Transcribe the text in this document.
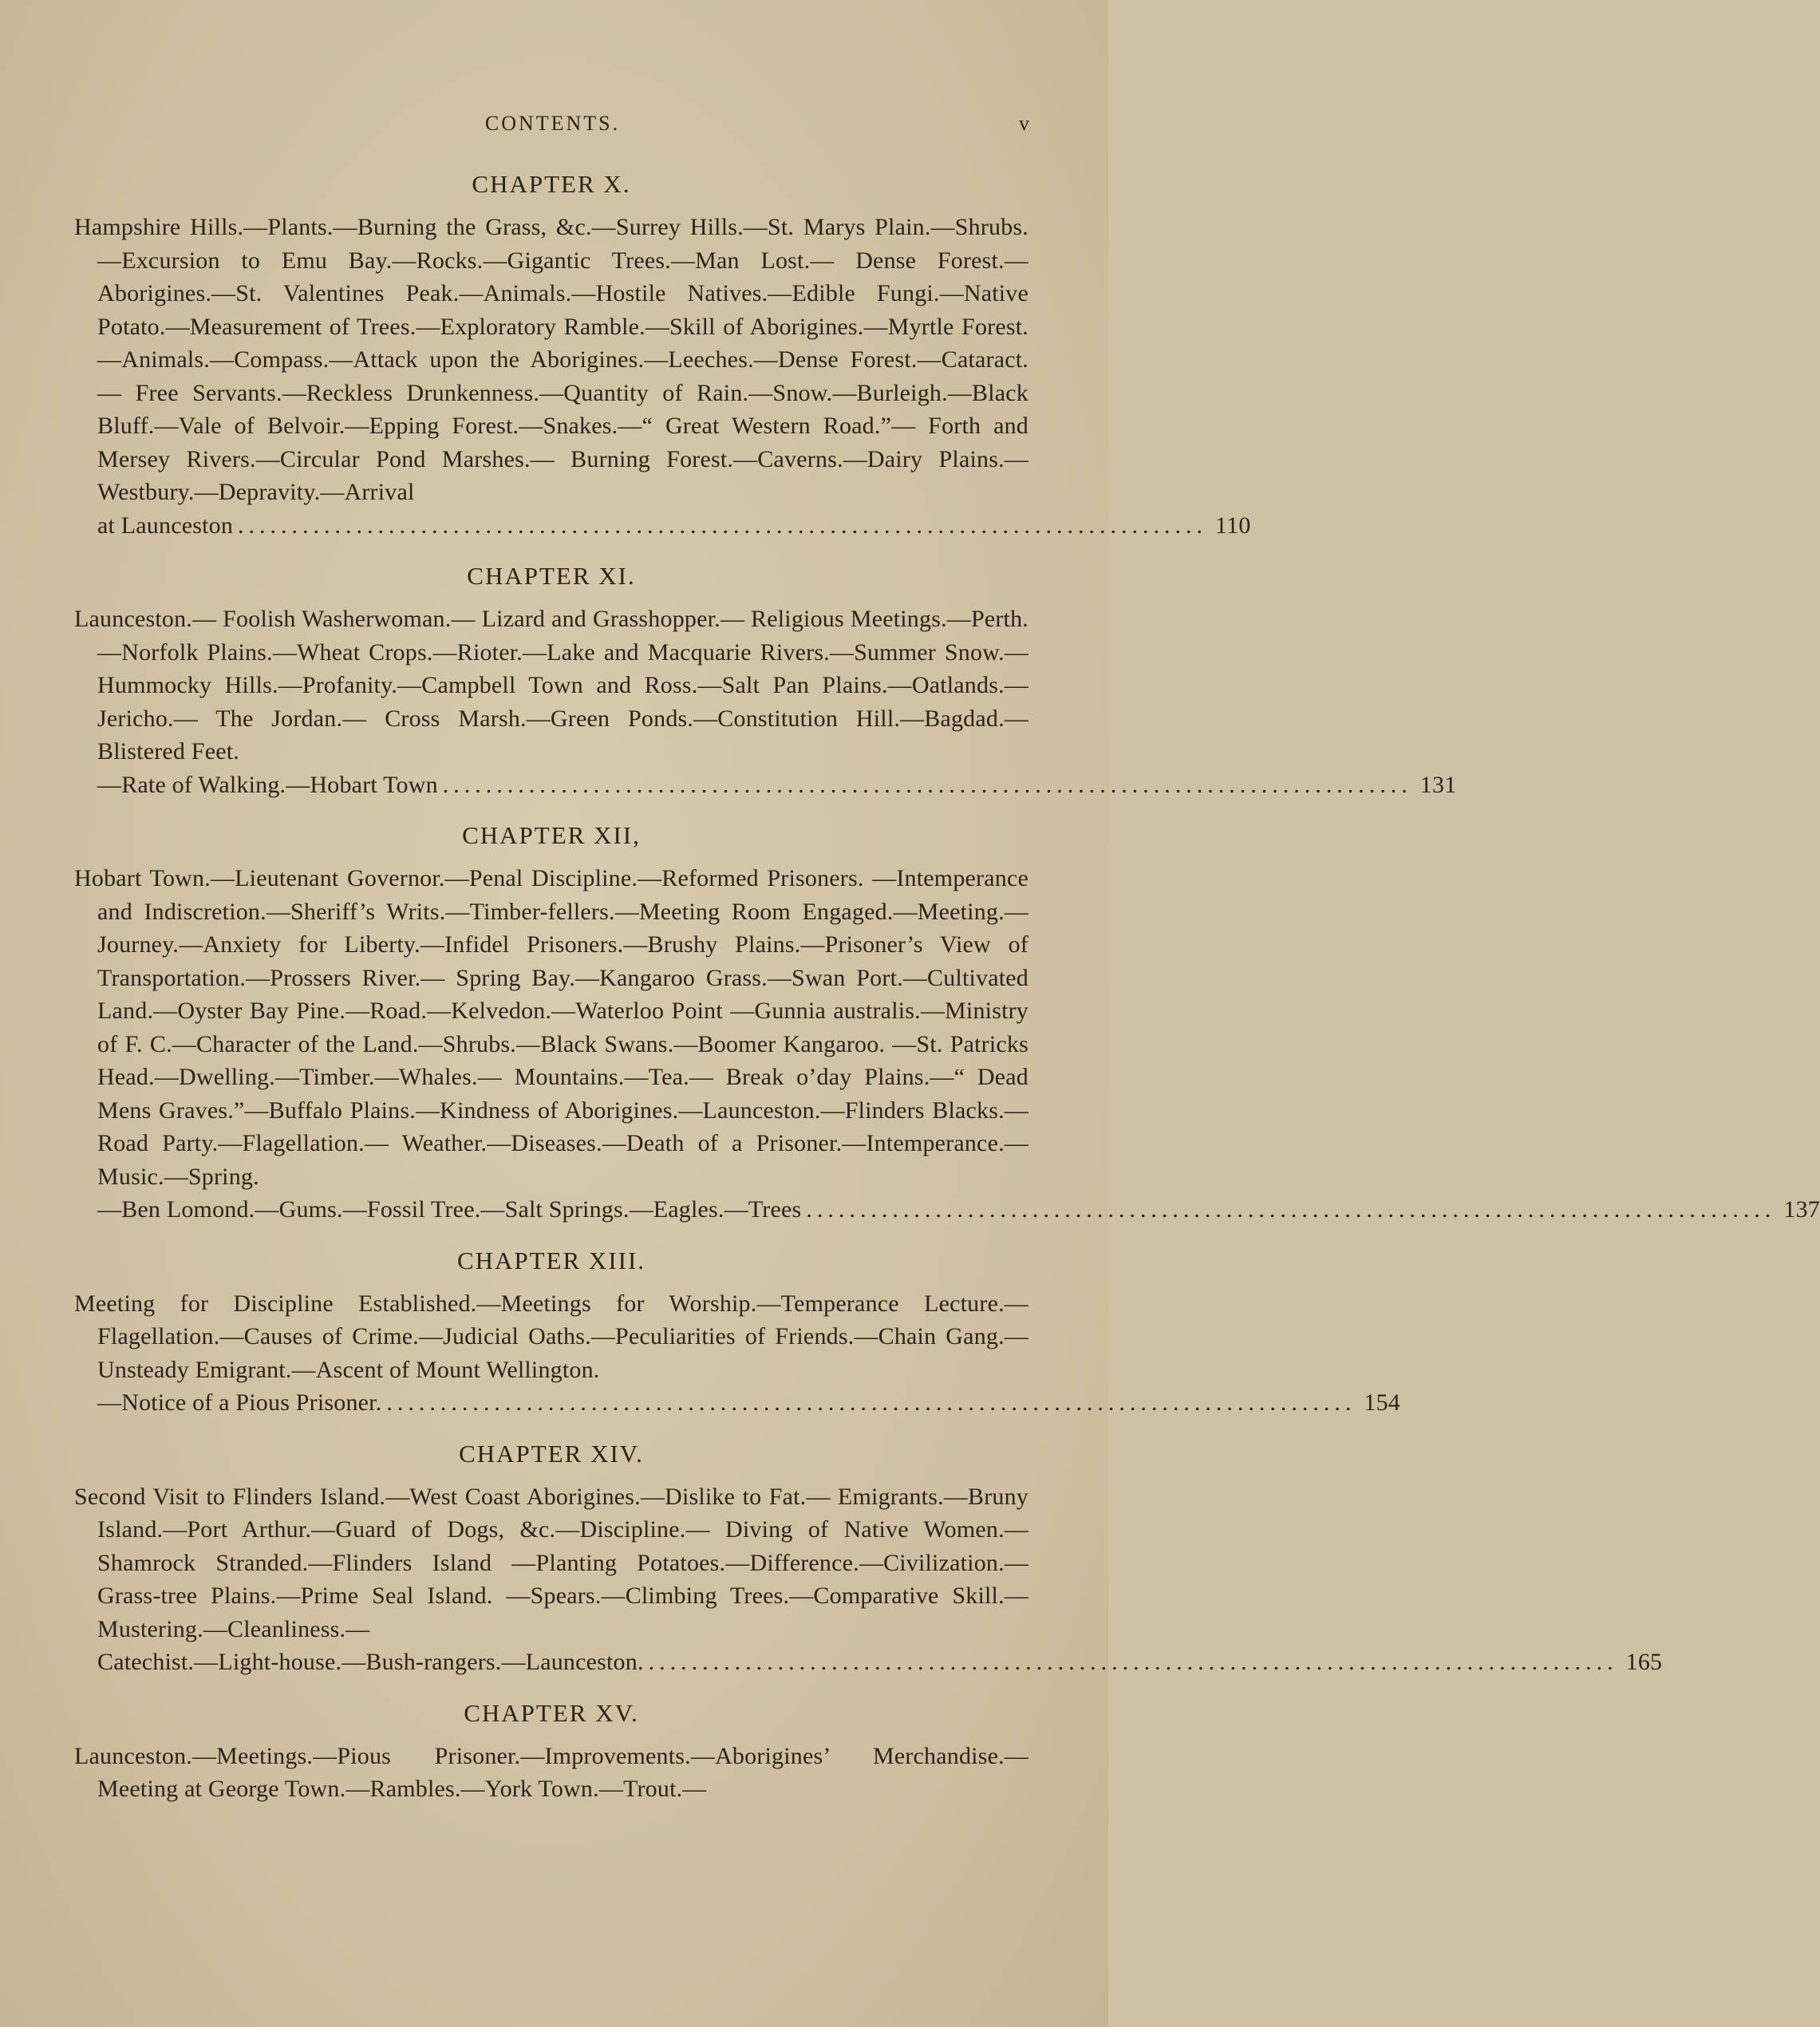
CONTENTS.	v
CHAPTER X.
Hampshire Hills.—Plants.—Burning the Grass, &c.—Surrey Hills.—St. Marys Plain.—Shrubs.—Excursion to Emu Bay.—Rocks.—Gigantic Trees.—Man Lost.— Dense Forest.—Aborigines.—St. Valentines Peak.—Animals.—Hostile Natives.—Edible Fungi.—Native Potato.—Measurement of Trees.—Exploratory Ramble.—Skill of Aborigines.—Myrtle Forest.—Animals.—Compass.—Attack upon the Aborigines.—Leeches.—Dense Forest.—Cataract.— Free Servants.—Reckless Drunkenness.—Quantity of Rain.—Snow.—Burleigh.—Black Bluff.—Vale of Belvoir.—Epping Forest.—Snakes.—“ Great Western Road.”— Forth and Mersey Rivers.—Circular Pond Marshes.— Burning Forest.—Caverns.—Dairy Plains.—Westbury.—Depravity.—Arrival
at Launceston .......................................................................................... 110
CHAPTER XI.
Launceston.— Foolish Washerwoman.— Lizard and Grasshopper.— Religious Meetings.—Perth.—Norfolk Plains.—Wheat Crops.—Rioter.—Lake and Macquarie Rivers.—Summer Snow.—Hummocky Hills.—Profanity.—Campbell Town and Ross.—Salt Pan Plains.—Oatlands.—Jericho.— The Jordan.— Cross Marsh.—Green Ponds.—Constitution Hill.—Bagdad.—Blistered Feet.
—Rate of Walking.—Hobart Town .......................................................................................... 131
CHAPTER XII,
Hobart Town.—Lieutenant Governor.—Penal Discipline.—Reformed Prisoners. —Intemperance and Indiscretion.—Sheriff’s Writs.—Timber-fellers.—Meeting Room Engaged.—Meeting.—Journey.—Anxiety for Liberty.—Infidel Prisoners.—Brushy Plains.—Prisoner’s View of Transportation.—Prossers River.— Spring Bay.—Kangaroo Grass.—Swan Port.—Cultivated Land.—Oyster Bay Pine.—Road.—Kelvedon.—Waterloo Point —Gunnia australis.—Ministry of F. C.—Character of the Land.—Shrubs.—Black Swans.—Boomer Kangaroo. —St. Patricks Head.—Dwelling.—Timber.—Whales.— Mountains.—Tea.— Break o’day Plains.—“ Dead Mens Graves.”—Buffalo Plains.—Kindness of Aborigines.—Launceston.—Flinders Blacks.—Road Party.—Flagellation.— Weather.—Diseases.—Death of a Prisoner.—Intemperance.—Music.—Spring.
—Ben Lomond.—Gums.—Fossil Tree.—Salt Springs.—Eagles.—Trees .......................................................................................... 137
CHAPTER XIII.
Meeting for Discipline Established.—Meetings for Worship.—Temperance Lecture.—Flagellation.—Causes of Crime.—Judicial Oaths.—Peculiarities of Friends.—Chain Gang.—Unsteady Emigrant.—Ascent of Mount Wellington.
—Notice of a Pious Prisoner. .......................................................................................... 154
CHAPTER XIV.
Second Visit to Flinders Island.—West Coast Aborigines.—Dislike to Fat.— Emigrants.—Bruny Island.—Port Arthur.—Guard of Dogs, &c.—Discipline.— Diving of Native Women.—Shamrock Stranded.—Flinders Island —Planting Potatoes.—Difference.—Civilization.—Grass-tree Plains.—Prime Seal Island. —Spears.—Climbing Trees.—Comparative Skill.—Mustering.—Cleanliness.—
Catechist.—Light-house.—Bush-rangers.—Launceston. .......................................................................................... 165
CHAPTER XV.
Launceston.—Meetings.—Pious Prisoner.—Improvements.—Aborigines’ Merchandise.—Meeting at George Town.—Rambles.—York Town.—Trout.—
